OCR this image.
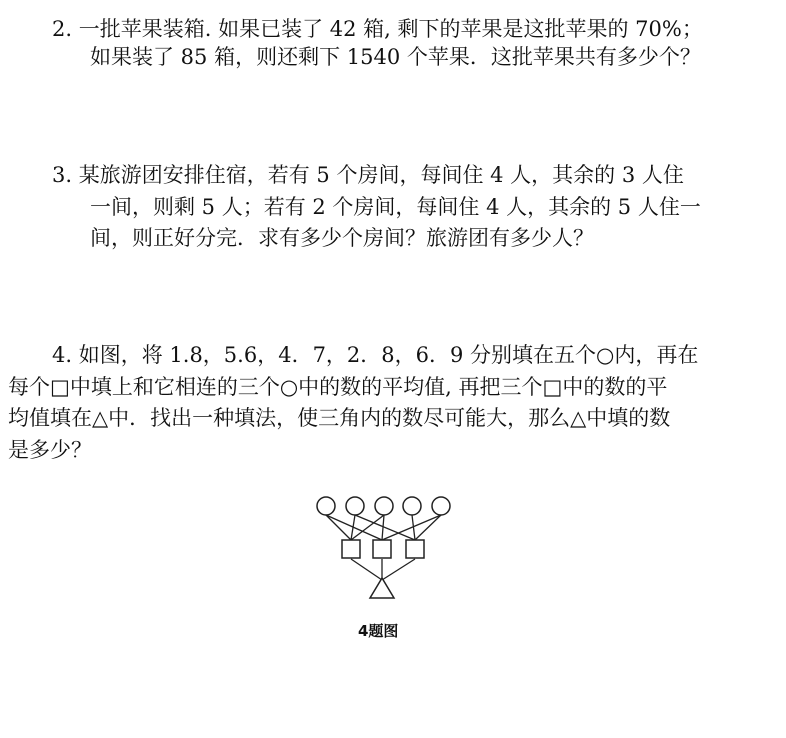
2. 一批苹果装箱. 如果已装了 42 箱, 剩下的苹果是这批苹果的 70%；
如果装了 85 箱，则还剩下 1540 个苹果．这批苹果共有多少个？
3. 某旅游团安排住宿，若有 5 个房间，每间住 4 人，其余的 3 人住
一间，则剩 5 人；若有 2 个房间，每间住 4 人，其余的 5 人住一
间，则正好分完．求有多少个房间？旅游团有多少人？
4. 如图，将 1.8，5.6，4．7，2．8，6．9 分别填在五个○内，再在
每个□中填上和它相连的三个○中的数的平均值, 再把三个□中的数的平
均值填在△中．找出一种填法，使三角内的数尽可能大，那么△中填的数
是多少？
4题图
